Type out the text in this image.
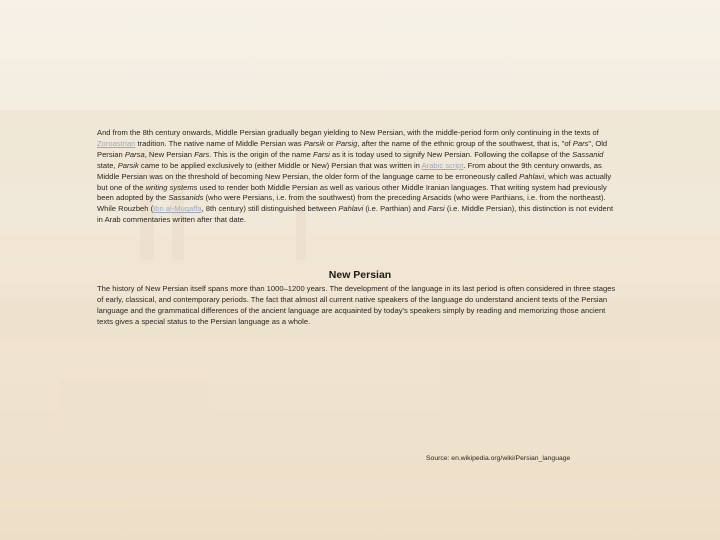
And from the 8th century onwards, Middle Persian gradually began yielding to New Persian, with the middle-period form only continuing in the texts of Zoroastrian tradition. The native name of Middle Persian was Parsik or Parsig, after the name of the ethnic group of the southwest, that is, "of Pars", Old Persian Parsa, New Persian Fars. This is the origin of the name Farsi as it is today used to signify New Persian. Following the collapse of the Sassanid state, Parsik came to be applied exclusively to (either Middle or New) Persian that was written in Arabic script. From about the 9th century onwards, as Middle Persian was on the threshold of becoming New Persian, the older form of the language came to be erroneously called Pahlavi, which was actually but one of the writing systems used to render both Middle Persian as well as various other Middle Iranian languages. That writing system had previously been adopted by the Sassanids (who were Persians, i.e. from the southwest) from the preceding Arsacids (who were Parthians, i.e. from the northeast). While Rouzbeh (Ibn al-Muqaffa, 8th century) still distinguished between Pahlavi (i.e. Parthian) and Farsi (i.e. Middle Persian), this distinction is not evident in Arab commentaries written after that date.
New Persian
The history of New Persian itself spans more than 1000–1200 years. The development of the language in its last period is often considered in three stages of early, classical, and contemporary periods. The fact that almost all current native speakers of the language do understand ancient texts of the Persian language and the grammatical differences of the ancient language are acquainted by today's speakers simply by reading and memorizing those ancient texts gives a special status to the Persian language as a whole.
Source: en.wikipedia.org/wiki/Persian_language
